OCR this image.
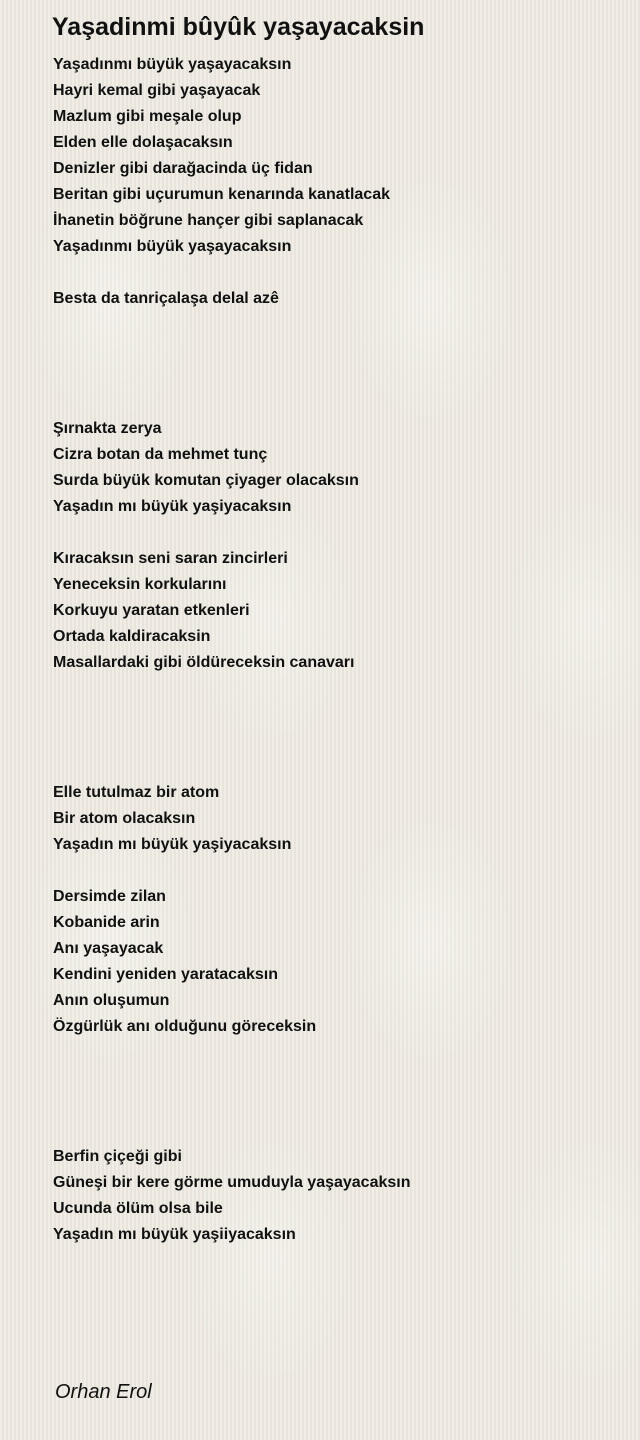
Yaşadinmi bûyûk yaşayacaksin
Yaşadınmı büyük yaşayacaksın
Hayri kemal gibi yaşayacak
Mazlum gibi meşale olup
Elden elle dolaşacaksın
Denizler gibi darağacinda üç fidan
Beritan gibi uçurumun kenarında kanatlacak
İhanetin böğrune hançer gibi saplanacak
Yaşadınmı büyük yaşayacaksın
Besta da tanriçalaşa delal azê
Şırnakta zerya
Cizra botan da mehmet tunç
Surda büyük komutan çiyager olacaksın
Yaşadın mı büyük yaşiyacaksın
Kıracaksın seni saran zincirleri
Yeneceksin korkularını
Korkuyu yaratan etkenleri
Ortada kaldiracaksin
Masallardaki gibi öldüreceksin canavarı
Elle tutulmaz bir atom
Bir atom olacaksın
Yaşadın mı büyük yaşiyacaksın
Dersimde zilan
Kobanide arin
Anı yaşayacak
Kendini yeniden yaratacaksın
Anın oluşumun
Özgürlük anı olduğunu göreceksin
Berfin çiçeği gibi
Güneşi bir kere görme umuduyla yaşayacaksın
Ucunda ölüm olsa bile
Yaşadın mı büyük yaşiiyacaksın
Orhan Erol
